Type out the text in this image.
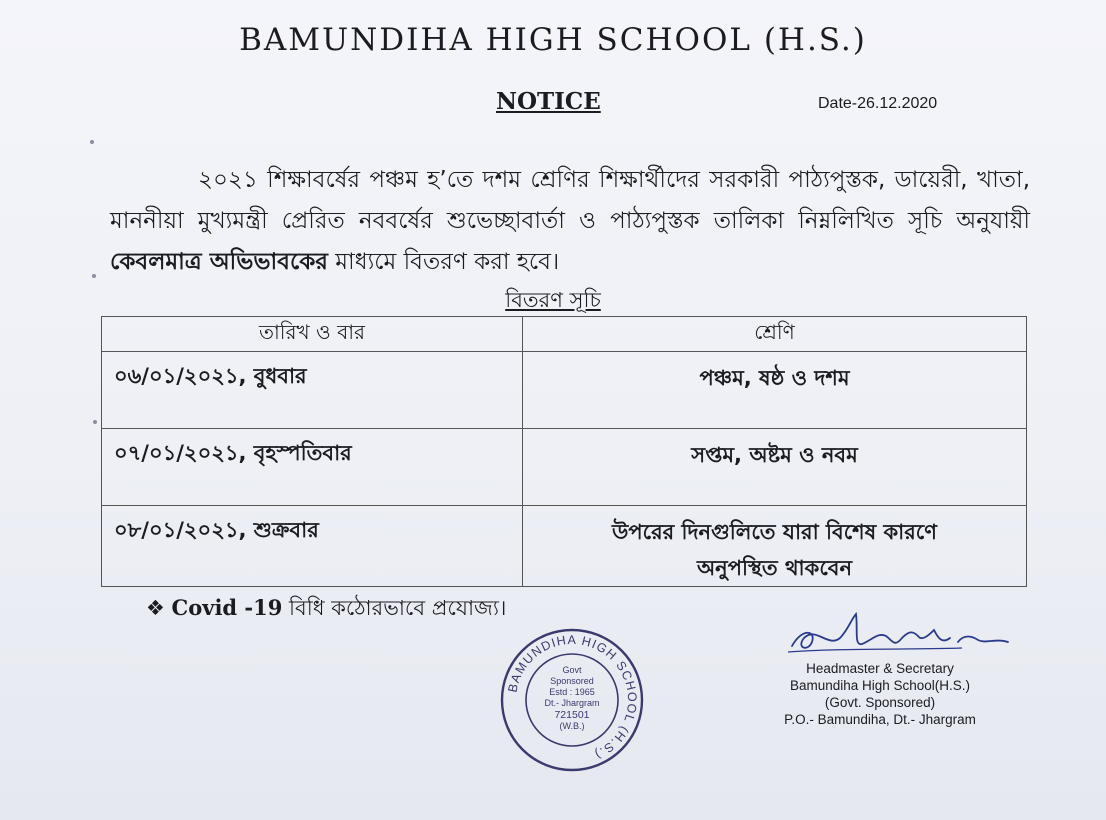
BAMUNDIHA HIGH SCHOOL (H.S.)
NOTICE	Date-26.12.2020
২০২১ শিক্ষাবর্ষের পঞ্চম হ’তে দশম শ্রেণির শিক্ষার্থীদের সরকারী পাঠ্যপুস্তক, ডায়েরী, খাতা, মাননীয়া মুখ্যমন্ত্রী প্রেরিত নববর্ষের শুভেচ্ছাবার্তা ও পাঠ্যপুস্তক তালিকা নিম্নলিখিত সূচি অনুযায়ী কেবলমাত্র অভিভাবকের মাধ্যমে বিতরণ করা হবে।
বিতরণ সূচি
তারিখ ও বার	শ্রেণি
০৬/০১/২০২১, বুধবার	পঞ্চম, ষষ্ঠ ও দশম
০৭/০১/২০২১, বৃহস্পতিবার	সপ্তম, অষ্টম ও নবম
০৮/০১/২০২১, শুক্রবার	উপরের দিনগুলিতে যারা বিশেষ কারণে অনুপস্থিত থাকবেন
❖ Covid -19 বিধি কঠোরভাবে প্রযোজ্য।
BAMUNDIHA HIGH SCHOOL (H.S.)
Govt
Sponsored
Estd : 1965
Dt.- Jhargram
721501
(W.B.)
Headmaster & Secretary
Bamundiha High School(H.S.)
(Govt. Sponsored)
P.O.- Bamundiha, Dt.- Jhargram
